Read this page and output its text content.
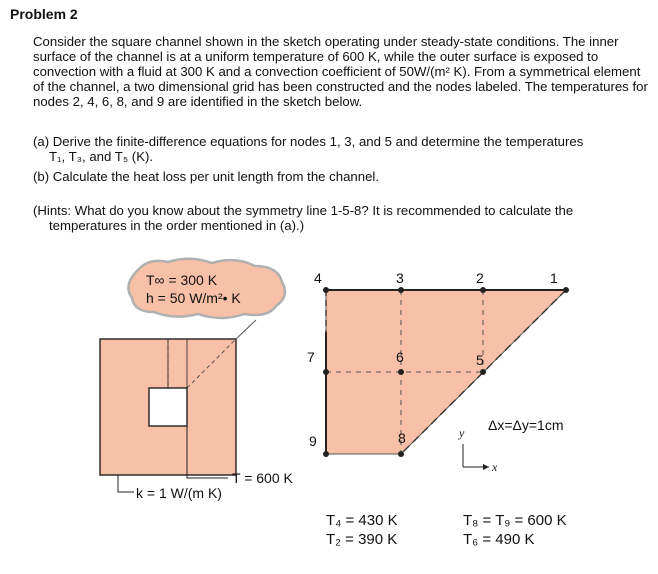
Problem 2
Consider the square channel shown in the sketch operating under steady-state conditions. The inner surface of the channel is at a uniform temperature of 600 K, while the outer surface is exposed to convection with a fluid at 300 K and a convection coefficient of 50W/(m² K). From a symmetrical element of the channel, a two dimensional grid has been constructed and the nodes labeled. The temperatures for nodes 2, 4, 6, 8, and 9 are identified in the sketch below.
(a) Derive the finite-difference equations for nodes 1, 3, and 5 and determine the temperatures
T₁, T₃, and T₅ (K).
(b) Calculate the heat loss per unit length from the channel.
(Hints: What do you know about the symmetry line 1-5-8? It is recommended to calculate the
temperatures in the order mentioned in (a).)
1
2
3
4
5
6
7
8
9
T∞ = 300 K
h = 50 W/m²• K
T = 600 K
k = 1 W/(m K)
Δx=Δy=1cm
y
x
T₄ = 430 K
T₂ = 390 K
T₈ = T₉ = 600 K
T₆ = 490 K
